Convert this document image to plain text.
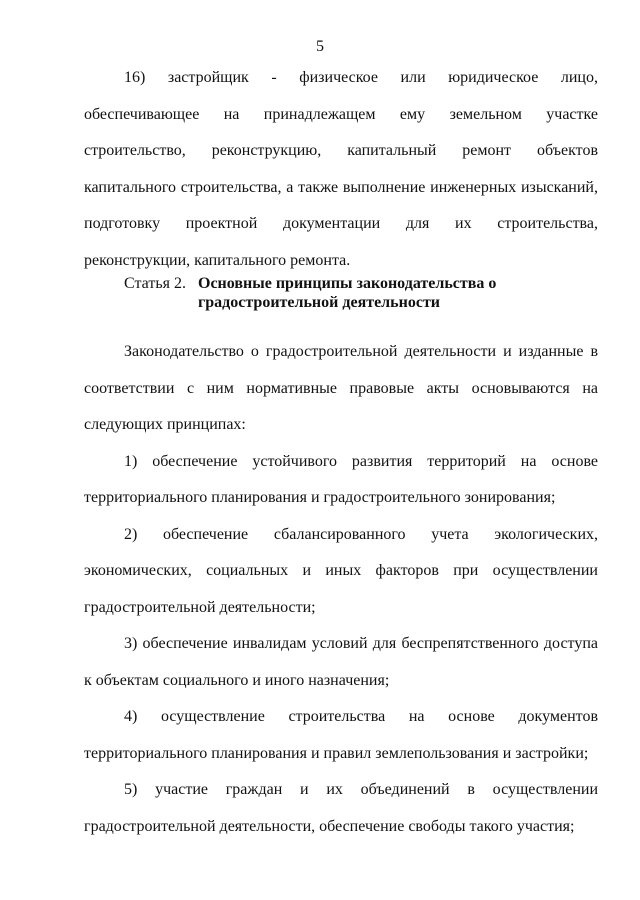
5

16) застройщик - физическое или юридическое лицо, обеспечивающее на принадлежащем ему земельном участке строительство, реконструкцию, капитальный ремонт объектов капитального строительства, а также выполнение инженерных изысканий, подготовку проектной документации для их строительства, реконструкции, капитального ремонта.

Статья 2. Основные принципы законодательства о градостроительной деятельности

Законодательство о градостроительной деятельности и изданные в соответствии с ним нормативные правовые акты основываются на следующих принципах:

1) обеспечение устойчивого развития территорий на основе территориального планирования и градостроительного зонирования;

2) обеспечение сбалансированного учета экологических, экономических, социальных и иных факторов при осуществлении градостроительной деятельности;

3) обеспечение инвалидам условий для беспрепятственного доступа к объектам социального и иного назначения;

4) осуществление строительства на основе документов территориального планирования и правил землепользования и застройки;

5) участие граждан и их объединений в осуществлении градостроительной деятельности, обеспечение свободы такого участия;
